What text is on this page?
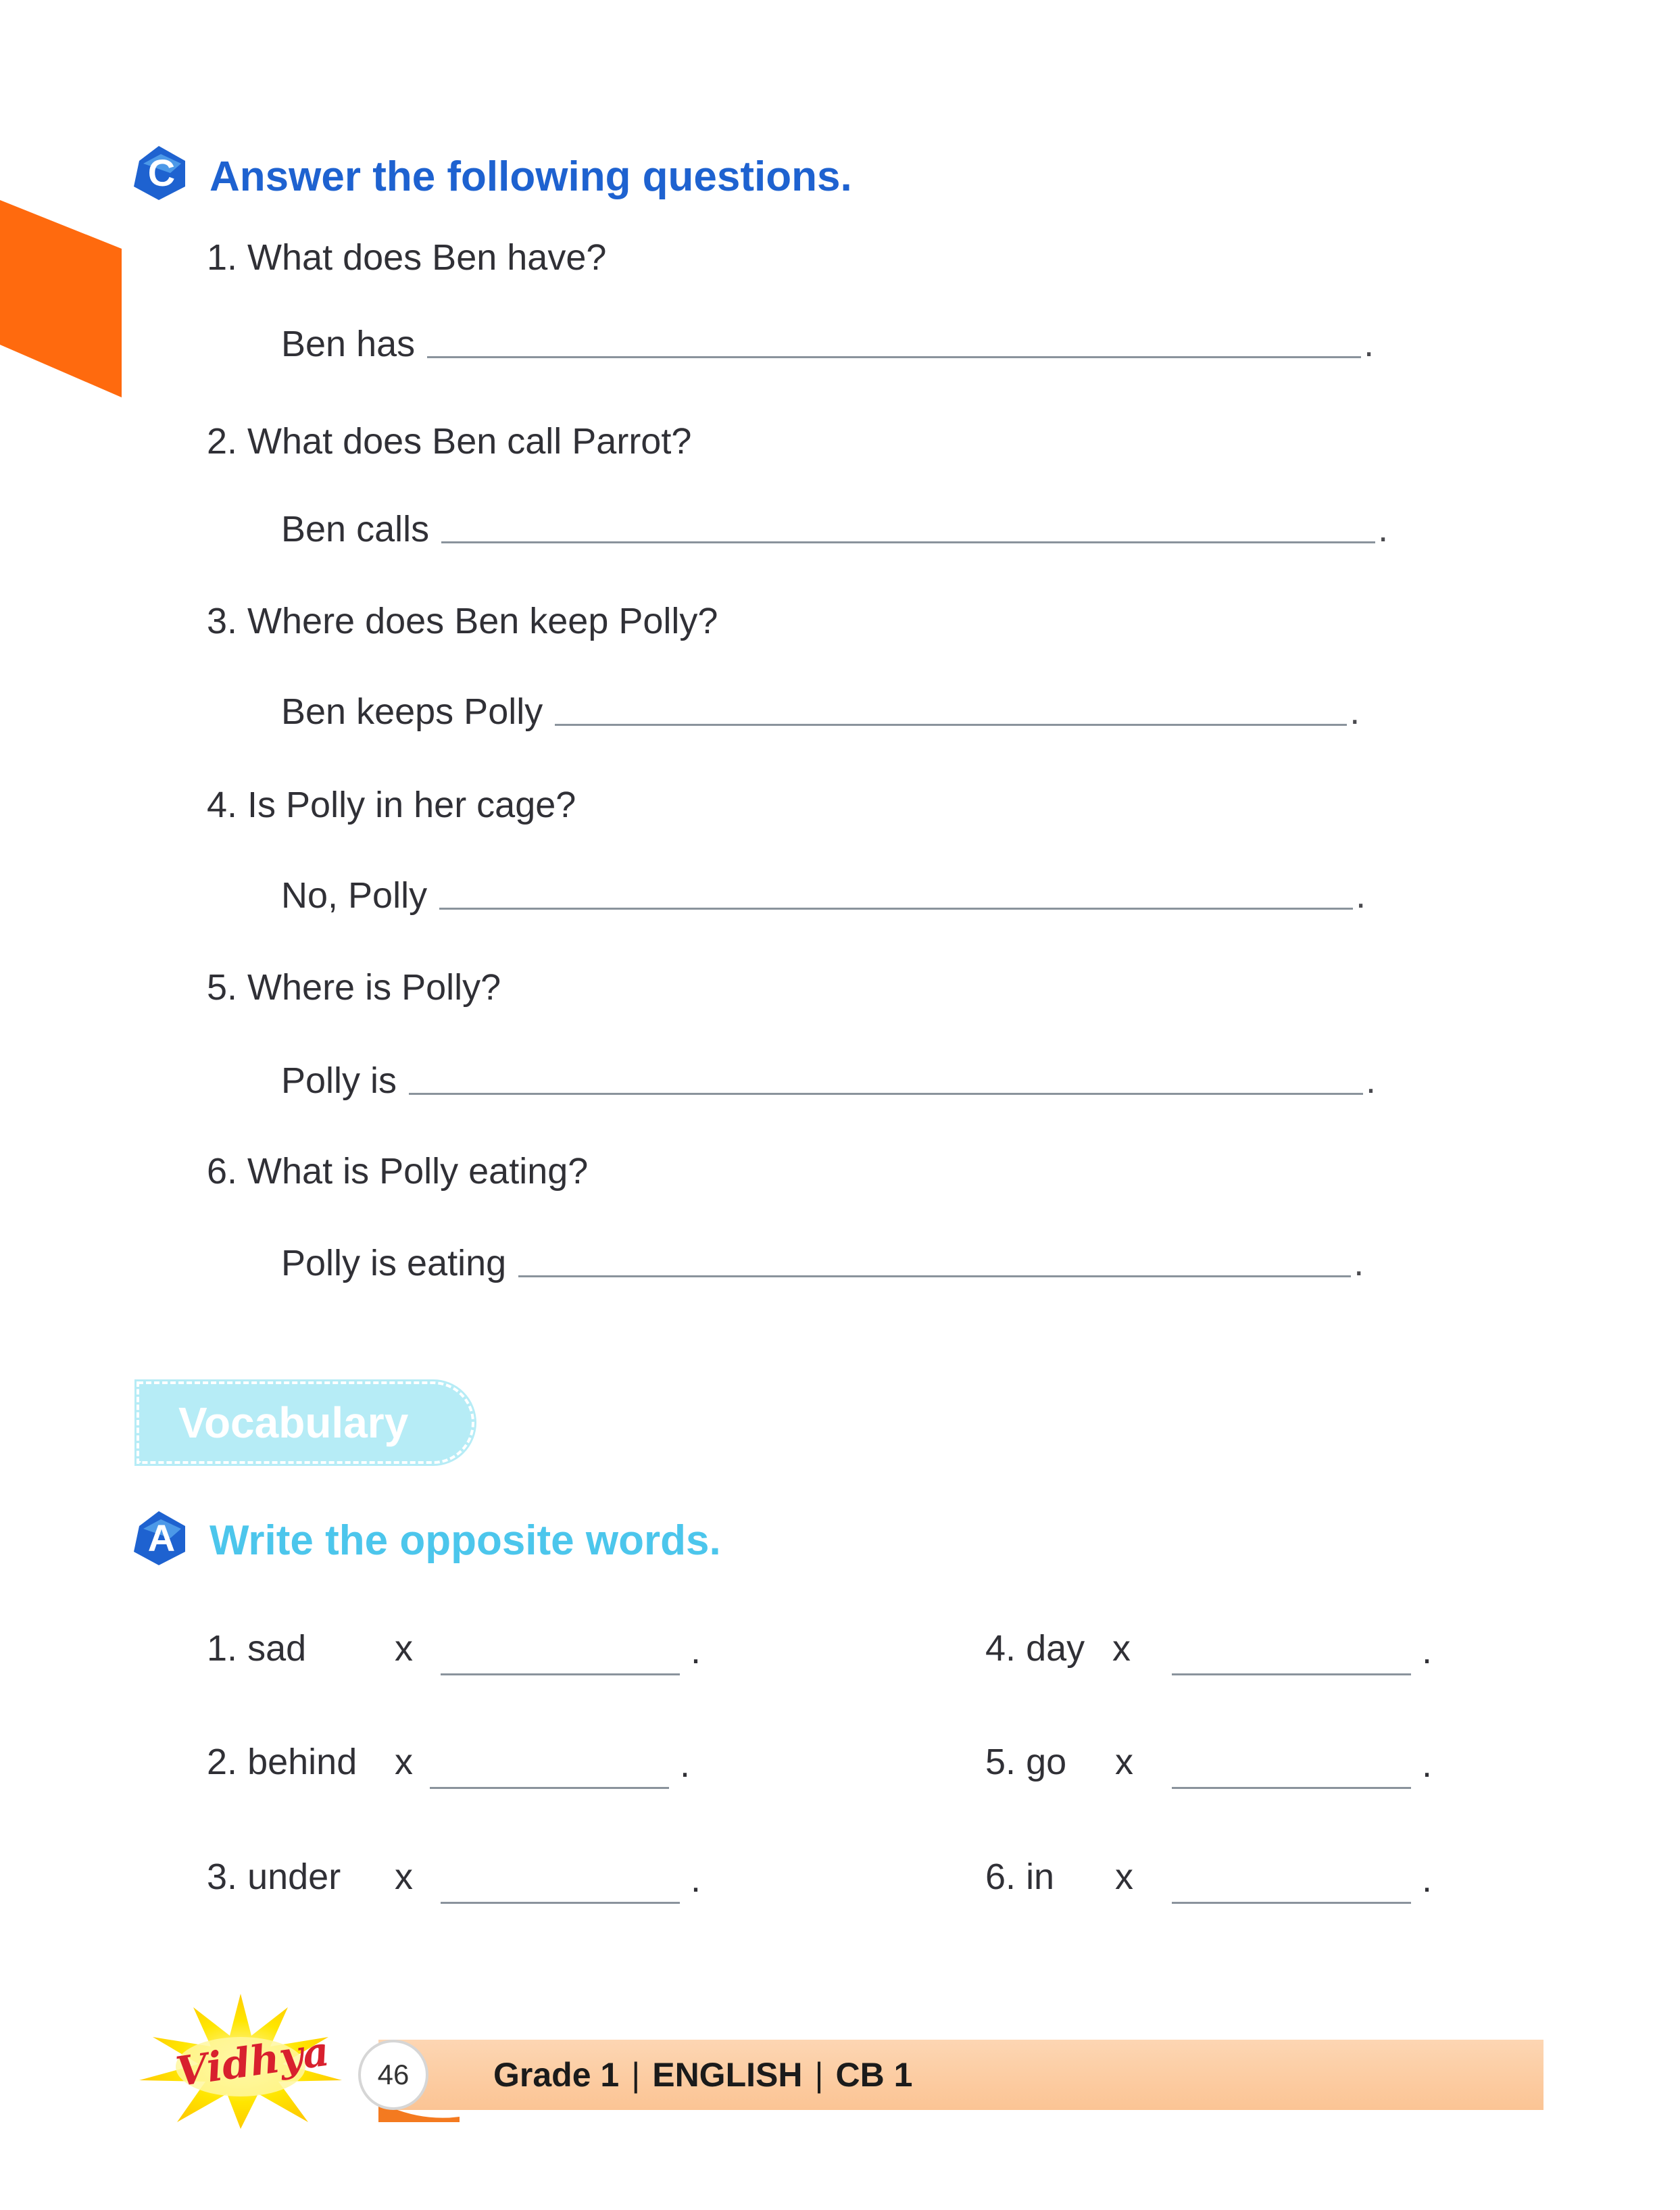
C Answer the following questions.
1. What does Ben have?
Ben has	.
2. What does Ben call Parrot?
Ben calls	.
3. Where does Ben keep Polly?
Ben keeps Polly	.
4. Is Polly in her cage?
No, Polly	.
5. Where is Polly?
Polly is	.
6. What is Polly eating?
Polly is eating	.
Vocabulary
A Write the opposite words.
1. sad x	.
2. behind x	.
3. under x	.
4. day x	.
5. go x	.
6. in x	.
Grade 1 | ENGLISH | CB 1
46
Vidhya
